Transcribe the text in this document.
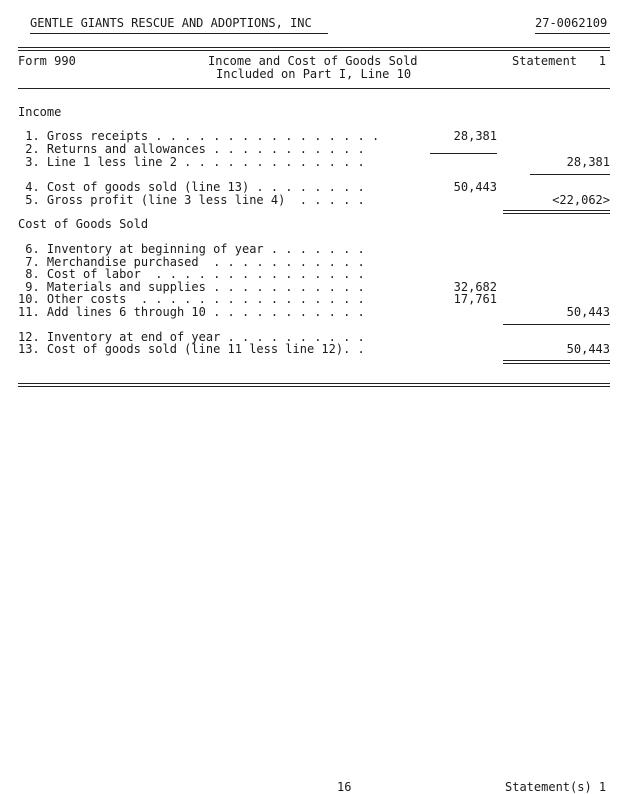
GENTLE GIANTS RESCUE AND ADOPTIONS, INC	27-0062109
Form 990	Income and Cost of Goods Sold
Included on Part I, Line 10
Statement   1
Income
1. Gross receipts . . . . . . . . . . . . . . . .	28,381
2. Returns and allowances . . . . . . . . . . .
3. Line 1 less line 2 . . . . . . . . . . . . .	28,381
4. Cost of goods sold (line 13) . . . . . . . .	50,443
5. Gross profit (line 3 less line 4)  . . . . .	<22,062>
Cost of Goods Sold
6. Inventory at beginning of year . . . . . . .
7. Merchandise purchased  . . . . . . . . . . .
8. Cost of labor  . . . . . . . . . . . . . . .
9. Materials and supplies . . . . . . . . . . .	32,682
10. Other costs  . . . . . . . . . . . . . . . .	17,761
11. Add lines 6 through 10 . . . . . . . . . . .	50,443
12. Inventory at end of year . . . . . . . . . .
13. Cost of goods sold (line 11 less line 12). .	50,443
16	Statement(s) 1
